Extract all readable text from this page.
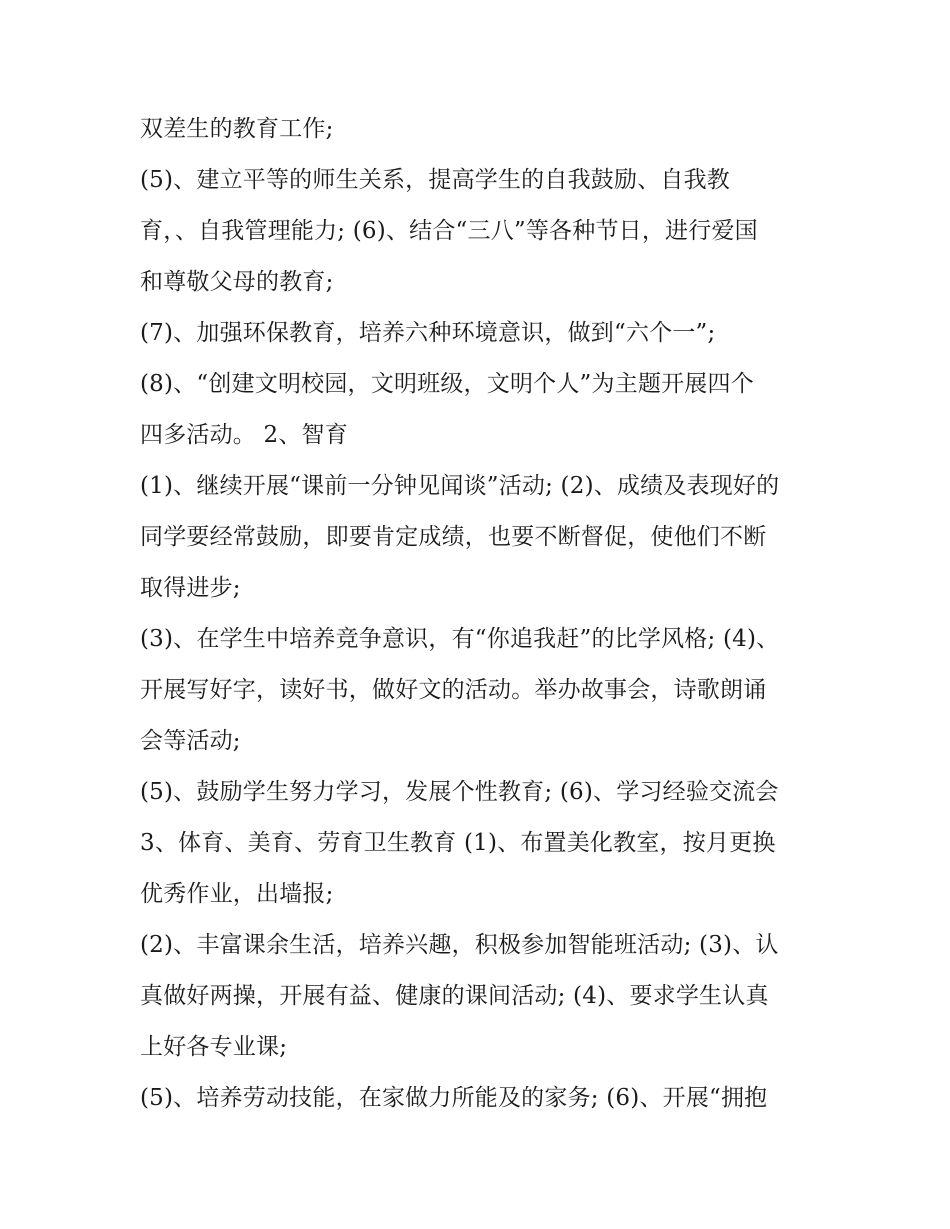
双差生的教育工作;
(5)、建立平等的师生关系，提高学生的自我鼓励、自我教
育，、自我管理能力; (6)、结合“三八”等各种节日，进行爱国
和尊敬父母的教育;
(7)、加强环保教育，培养六种环境意识，做到“六个一”;
(8)、“创建文明校园，文明班级，文明个人”为主题开展四个
四多活动。 2、智育
(1)、继续开展“课前一分钟见闻谈”活动; (2)、成绩及表现好的
同学要经常鼓励，即要肯定成绩，也要不断督促，使他们不断
取得进步;
(3)、在学生中培养竞争意识，有“你追我赶”的比学风格; (4)、
开展写好字，读好书，做好文的活动。举办故事会，诗歌朗诵
会等活动;
(5)、鼓励学生努力学习，发展个性教育; (6)、学习经验交流会
3、体育、美育、劳育卫生教育 (1)、布置美化教室，按月更换
优秀作业，出墙报;
(2)、丰富课余生活，培养兴趣，积极参加智能班活动; (3)、认
真做好两操，开展有益、健康的课间活动; (4)、要求学生认真
上好各专业课;
(5)、培养劳动技能，在家做力所能及的家务; (6)、开展“拥抱
